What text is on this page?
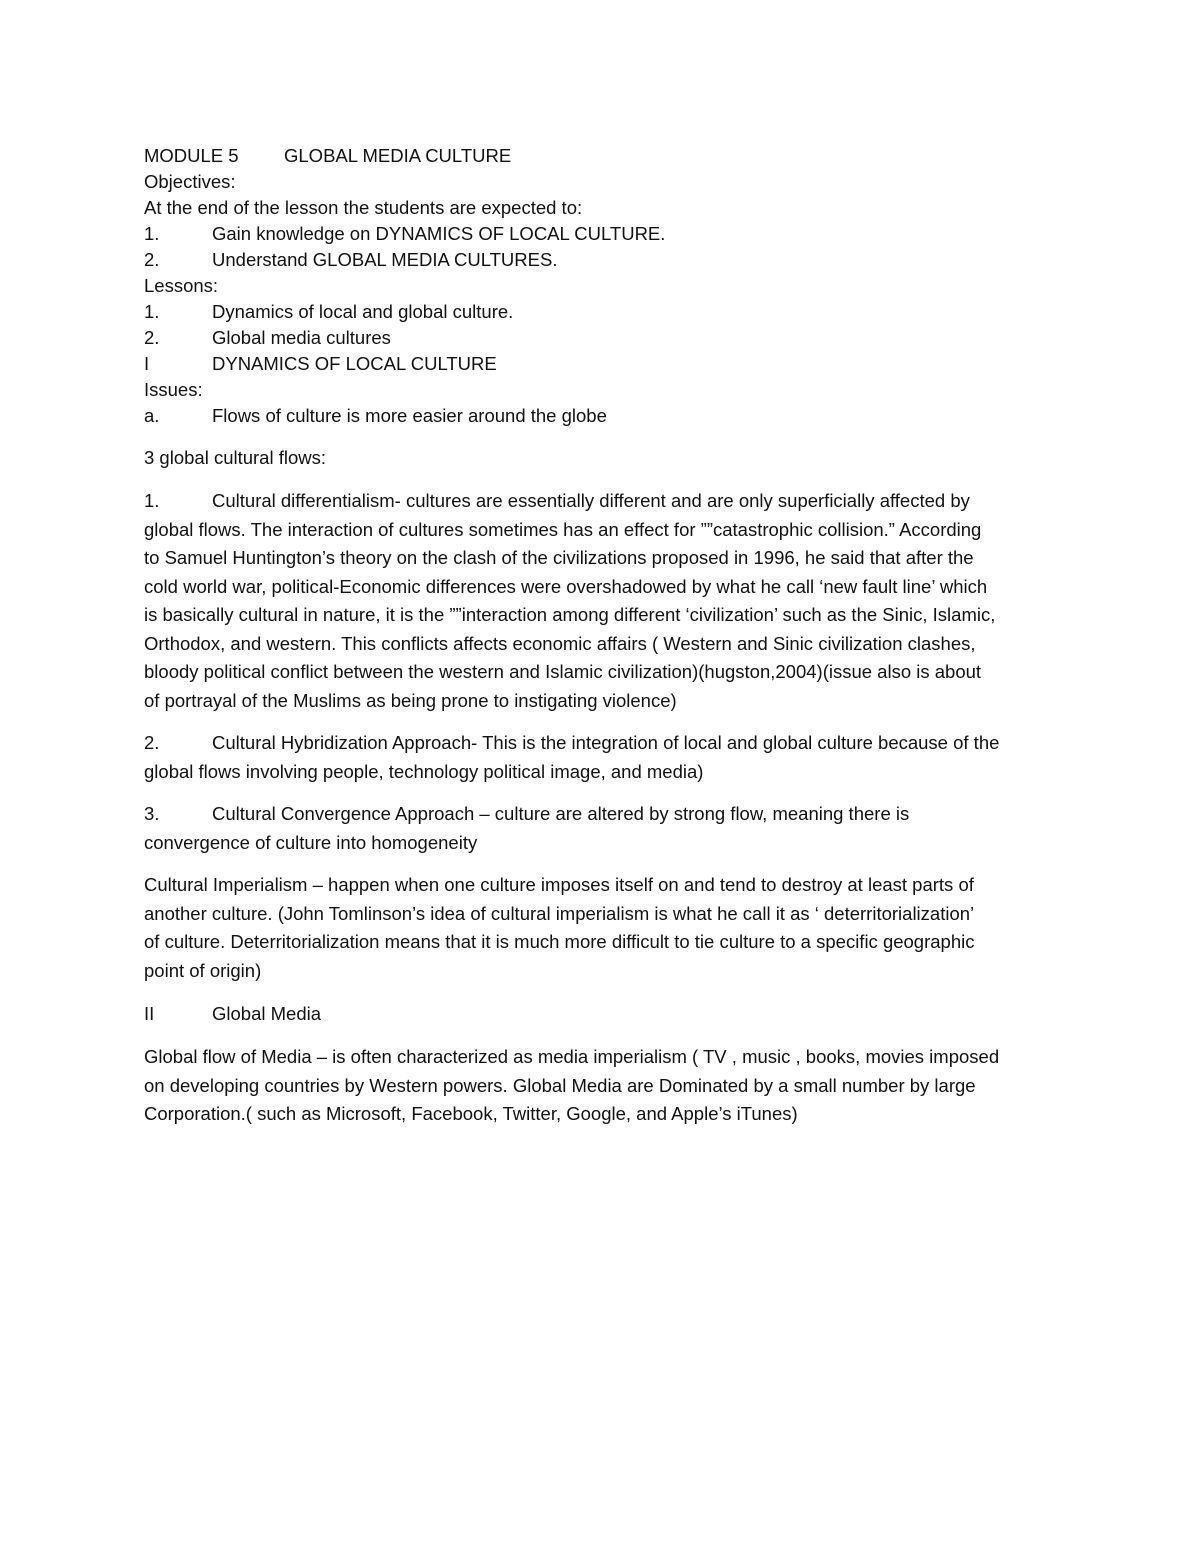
MODULE 5	GLOBAL MEDIA CULTURE
Objectives:
At the end of the lesson the students are expected to:
1.	Gain knowledge on DYNAMICS OF LOCAL CULTURE.
2.	Understand GLOBAL MEDIA CULTURES.
Lessons:
1.	Dynamics of local and global culture.
2.	Global media cultures
I	DYNAMICS OF LOCAL CULTURE
Issues:
a.	Flows of culture is more easier around the globe
3 global cultural flows:
1.	Cultural differentialism- cultures are essentially different and are only superficially affected by
global flows. The interaction of cultures sometimes has an effect for ””catastrophic collision.” According
to Samuel Huntington’s theory on the clash of the civilizations proposed in 1996, he said that after the
cold world war, political-Economic differences were overshadowed by what he call ‘new fault line’ which
is basically cultural in nature, it is the ””interaction among different ‘civilization’ such as the Sinic, Islamic,
Orthodox, and western. This conflicts affects economic affairs ( Western and Sinic civilization clashes,
bloody political conflict between the western and Islamic civilization)(hugston,2004)(issue also is about
of portrayal of the Muslims as being prone to instigating violence)
2.	Cultural Hybridization Approach- This is the integration of local and global culture because of the
global flows involving people, technology political image, and media)
3.	Cultural Convergence Approach – culture are altered by strong flow, meaning there is
convergence of culture into homogeneity
Cultural Imperialism – happen when one culture imposes itself on and tend to destroy at least parts of
another culture. (John Tomlinson’s idea of cultural imperialism is what he call it as ‘ deterritorialization’
of culture. Deterritorialization means that it is much more difficult to tie culture to a specific geographic
point of origin)
II	Global Media
Global flow of Media – is often characterized as media imperialism ( TV , music , books, movies imposed
on developing countries by Western powers. Global Media are Dominated by a small number by large
Corporation.( such as Microsoft, Facebook, Twitter, Google, and Apple’s iTunes)
